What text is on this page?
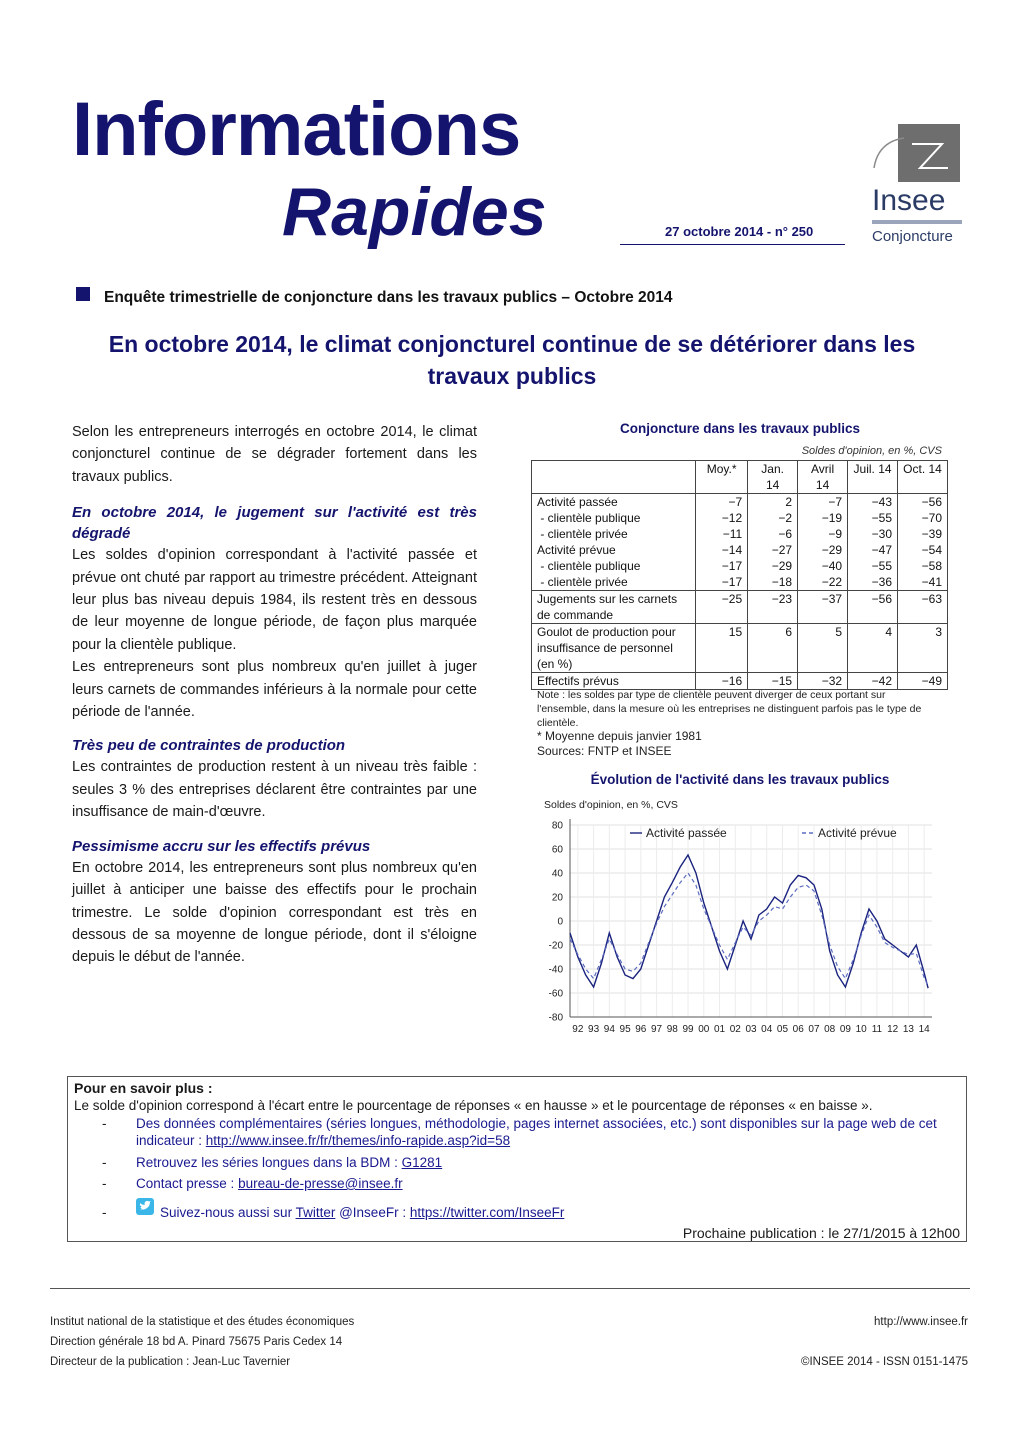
Informations
Rapides	27 octobre 2014 - n° 250
Insee
Conjoncture
Enquête trimestrielle de conjoncture dans les travaux publics – Octobre 2014
En octobre 2014, le climat conjoncturel continue de se détériorer dans les travaux publics

Selon les entrepreneurs interrogés en octobre 2014, le climat conjoncturel continue de se dégrader fortement dans les travaux publics.

En octobre 2014, le jugement sur l'activité est très dégradé

Les soldes d'opinion correspondant à l'activité passée et prévue ont chuté par rapport au trimestre précédent. Atteignant leur plus bas niveau depuis 1984, ils restent très en dessous de leur moyenne de longue période, de façon plus marquée pour la clientèle publique.

Les entrepreneurs sont plus nombreux qu'en juillet à juger leurs carnets de commandes inférieurs à la normale pour cette période de l'année.

Très peu de contraintes de production

Les contraintes de production restent à un niveau très faible : seules 3 % des entreprises déclarent être contraintes par une insuffisance de main-d'œuvre.

Pessimisme accru sur les effectifs prévus

En octobre 2014, les entrepreneurs sont plus nombreux qu'en juillet à anticiper une baisse des effectifs pour le prochain trimestre. Le solde d'opinion correspondant est très en dessous de sa moyenne de longue période, dont il s'éloigne depuis le début de l'année.

Conjoncture dans les travaux publics
Soldes d'opinion, en %, CVS
	Moy.*	Jan. 14	Avril 14	Juil. 14	Oct. 14
Activité passée	−7	2	−7	−43	−56
- clientèle publique	−12	−2	−19	−55	−70
- clientèle privée	−11	−6	−9	−30	−39
Activité prévue	−14	−27	−29	−47	−54
- clientèle publique	−17	−29	−40	−55	−58
- clientèle privée	−17	−18	−22	−36	−41
Jugements sur les carnets de commande	−25	−23	−37	−56	−63
Goulot de production pour insuffisance de personnel (en %)	15	6	5	4	3
Effectifs prévus	−16	−15	−32	−42	−49
Note : les soldes par type de clientèle peuvent diverger de ceux portant sur l'ensemble, dans la mesure où les entreprises ne distinguent parfois pas le type de clientèle.
* Moyenne depuis janvier 1981
Sources: FNTP et INSEE
Évolution de l'activité dans les travaux publics
Soldes d'opinion, en %, CVS
80
60
40
20
0
-20
-40
-60
-80
92 93 94 95 96 97 98 99 00 01 02 03 04 05 06 07 08 09 10 11 12 13 14
Activité passée	Activité prévue
Pour en savoir plus :
Le solde d'opinion correspond à l'écart entre le pourcentage de réponses « en hausse » et le pourcentage de réponses « en baisse ».
-	Des données complémentaires (séries longues, méthodologie, pages internet associées, etc.) sont disponibles sur la page web de cet indicateur : http://www.insee.fr/fr/themes/info-rapide.asp?id=58
-	Retrouvez les séries longues dans la BDM : G1281
-	Contact presse : bureau-de-presse@insee.fr
-	Suivez-nous aussi sur Twitter @InseeFr : https://twitter.com/InseeFr
Prochaine publication : le 27/1/2015 à 12h00
Institut national de la statistique et des études économiques
Direction générale 18 bd A. Pinard 75675 Paris Cedex 14
Directeur de la publication : Jean-Luc Tavernier
http://www.insee.fr
©INSEE 2014 - ISSN 0151-1475
